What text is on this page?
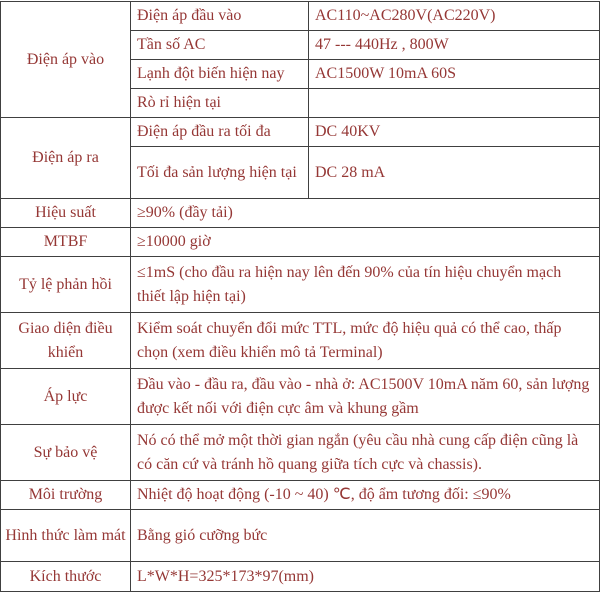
Điện áp vào	Điện áp đầu vào	AC110~AC280V(AC220V)
	Tần số AC	47 --- 440Hz , 800W
	Lạnh đột biến hiện nay	AC1500W 10mA 60S
	Rò rỉ hiện tại	
Điện áp ra	Điện áp đầu ra tối đa	DC 40KV
	Tối đa sản lượng hiện tại	DC 28 mA
Hiệu suất	≥90% (đầy tải)	
MTBF	≥10000 giờ	
Tỷ lệ phản hồi	≤1mS (cho đầu ra hiện nay lên đến 90% của tín hiệu chuyển mạch thiết lập hiện tại)	
Giao diện điều khiển	Kiểm soát chuyển đổi mức TTL, mức độ hiệu quả có thể cao, thấp chọn (xem điều khiển mô tả Terminal)	
Áp lực	Đầu vào - đầu ra, đầu vào - nhà ở: AC1500V 10mA năm 60, sản lượng được kết nối với điện cực âm và khung gầm	
Sự bảo vệ	Nó có thể mở một thời gian ngắn (yêu cầu nhà cung cấp điện cũng là có căn cứ và tránh hồ quang giữa tích cực và chassis).	
Môi trường	Nhiệt độ hoạt động (-10 ~ 40) ℃, độ ẩm tương đối: ≤90%	
Hình thức làm mát	Bằng gió cưỡng bức	
Kích thước	L*W*H=325*173*97(mm)	
